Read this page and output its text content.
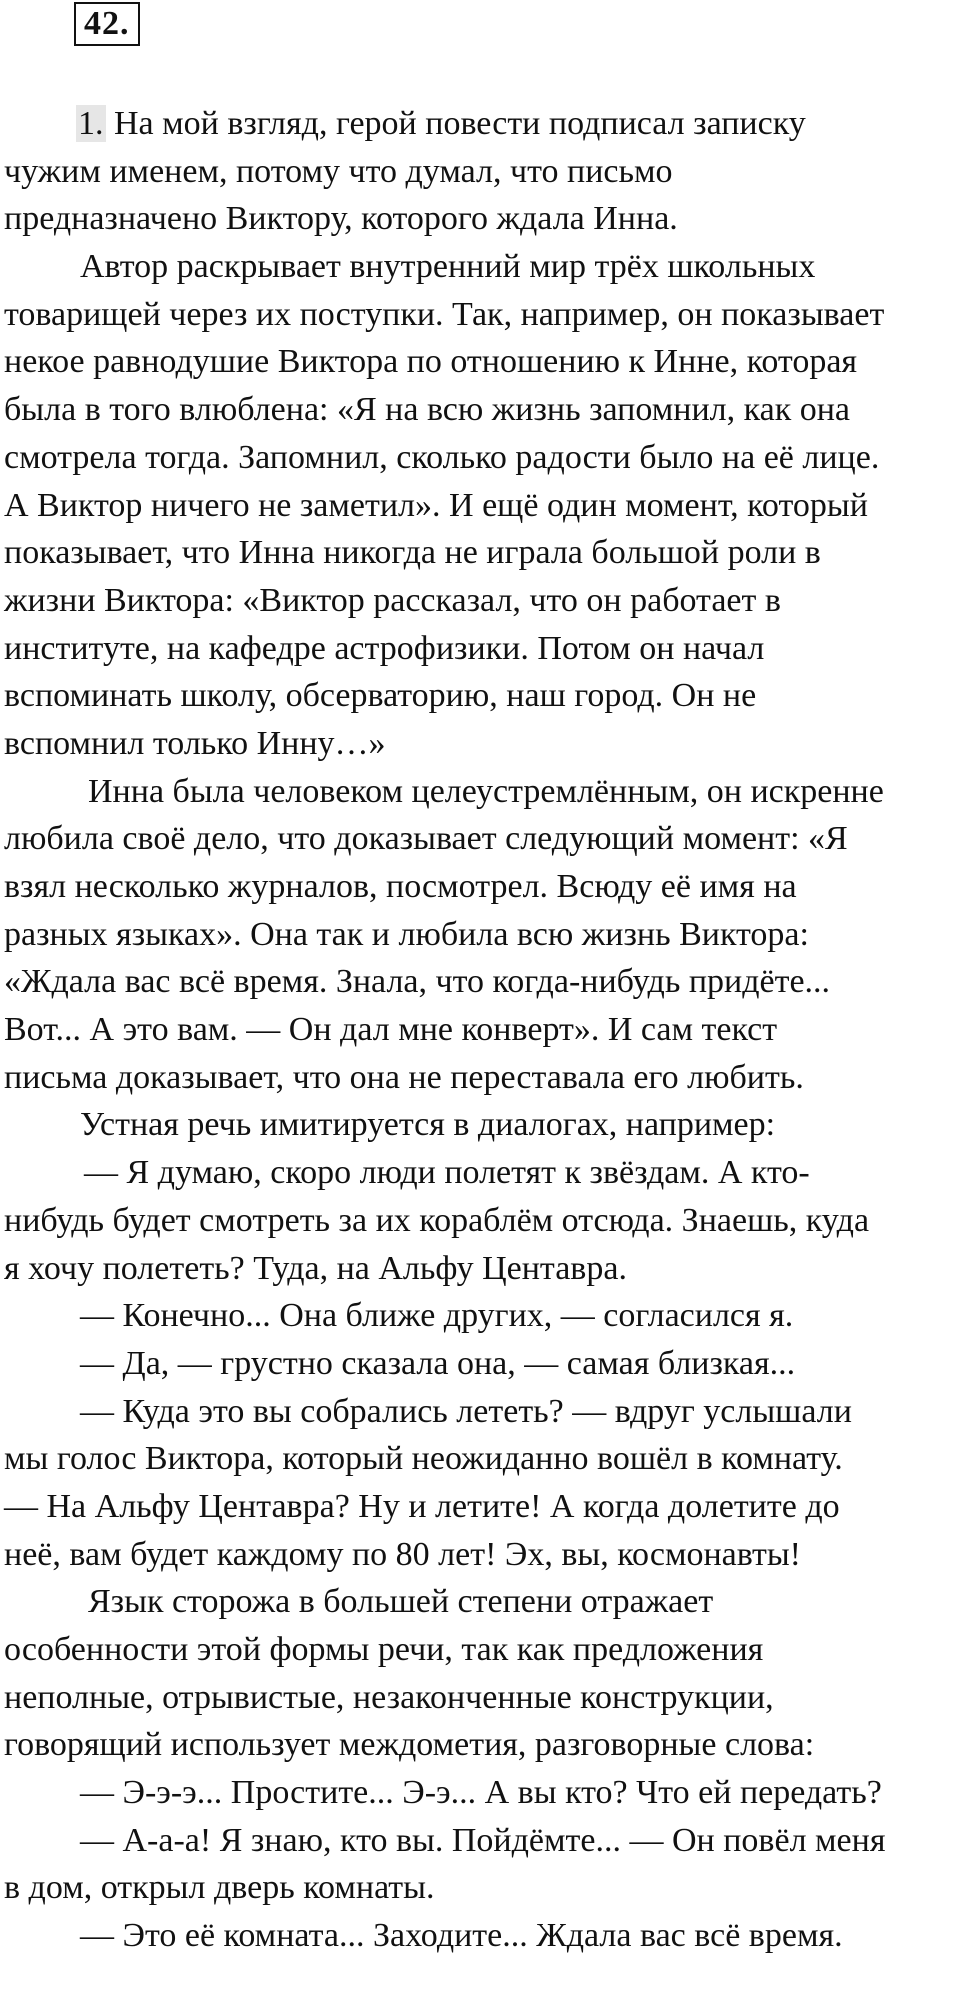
42.
1. На мой взгляд, герой повести подписал записку
чужим именем, потому что думал, что письмо
предназначено Виктору, которого ждала Инна.
Автор раскрывает внутренний мир трёх школьных
товарищей через их поступки. Так, например, он показывает
некое равнодушие Виктора по отношению к Инне, которая
была в того влюблена: «Я на всю жизнь запомнил, как она
смотрела тогда. Запомнил, сколько радости было на её лице.
А Виктор ничего не заметил». И ещё один момент, который
показывает, что Инна никогда не играла большой роли в
жизни Виктора: «Виктор рассказал, что он работает в
институте, на кафедре астрофизики. Потом он начал
вспоминать школу, обсерваторию, наш город. Он не
вспомнил только Инну…»
Инна была человеком целеустремлённым, он искренне
любила своё дело, что доказывает следующий момент: «Я
взял несколько журналов, посмотрел. Всюду её имя на
разных языках». Она так и любила всю жизнь Виктора:
«Ждала вас всё время. Знала, что когда-нибудь придёте...
Вот... А это вам. — Он дал мне конверт». И сам текст
письма доказывает, что она не переставала его любить.
Устная речь имитируется в диалогах, например:
— Я думаю, скоро люди полетят к звёздам. А кто-
нибудь будет смотреть за их кораблём отсюда. Знаешь, куда
я хочу полететь? Туда, на Альфу Центавра.
— Конечно... Она ближе других, — согласился я.
— Да, — грустно сказала она, — самая близкая...
— Куда это вы собрались лететь? — вдруг услышали
мы голос Виктора, который неожиданно вошёл в комнату.
— На Альфу Центавра? Ну и летите! А когда долетите до
неё, вам будет каждому по 80 лет! Эх, вы, космонавты!
Язык сторожа в большей степени отражает
особенности этой формы речи, так как предложения
неполные, отрывистые, незаконченные конструкции,
говорящий использует междометия, разговорные слова:
— Э-э-э... Простите... Э-э... А вы кто? Что ей передать?
— А-а-а! Я знаю, кто вы. Пойдёмте... — Он повёл меня
в дом, открыл дверь комнаты.
— Это её комната... Заходите... Ждала вас всё время.
